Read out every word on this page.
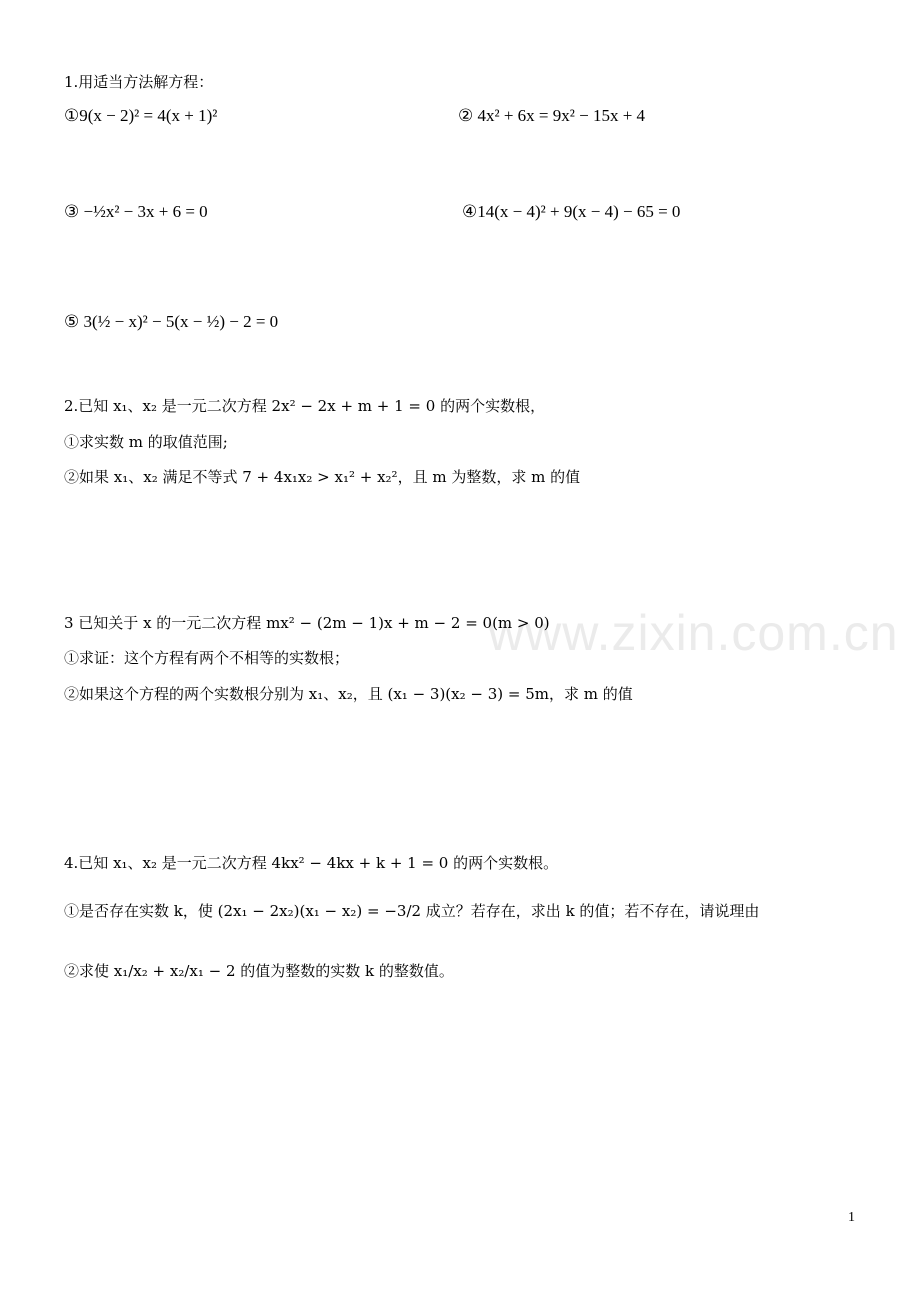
www.zixin.com.cn
1.用适当方法解方程：
①9(x − 2)² = 4(x + 1)²	② 4x² + 6x = 9x² − 15x + 4
③ −½x² − 3x + 6 = 0	④14(x − 4)² + 9(x − 4) − 65 = 0
⑤ 3(½ − x)² − 5(x − ½) − 2 = 0
2.已知 x₁、x₂ 是一元二次方程 2x² − 2x + m + 1 = 0 的两个实数根，
①求实数 m 的取值范围;
②如果 x₁、x₂ 满足不等式 7 + 4x₁x₂ > x₁² + x₂²，且 m 为整数，求 m 的值
3 已知关于 x 的一元二次方程 mx² − (2m − 1)x + m − 2 = 0(m > 0)
①求证：这个方程有两个不相等的实数根；
②如果这个方程的两个实数根分别为 x₁、x₂，且 (x₁ − 3)(x₂ − 3) = 5m，求 m 的值
4.已知 x₁、x₂ 是一元二次方程 4kx² − 4kx + k + 1 = 0 的两个实数根。
①是否存在实数 k，使 (2x₁ − 2x₂)(x₁ − x₂) = −3/2 成立？若存在，求出 k 的值；若不存在，请说理由
②求使 x₁/x₂ + x₂/x₁ − 2 的值为整数的实数 k 的整数值。
1
